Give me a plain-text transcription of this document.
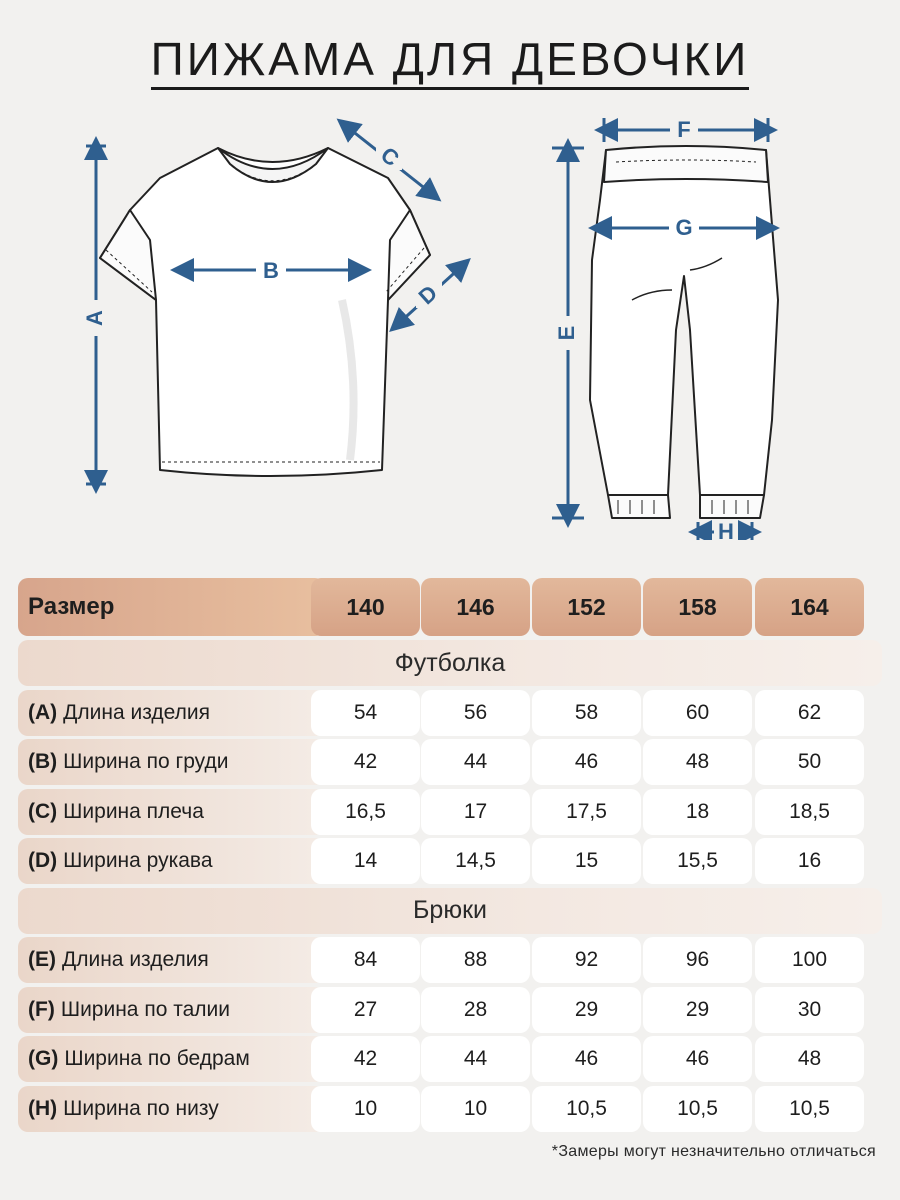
ПИЖАМА ДЛЯ ДЕВОЧКИ
A
B
C
D
F
G
E
H
Размер	140	146	152	158	164
Футболка
(A) Длина изделия	54	56	58	60	62
(B) Ширина по груди	42	44	46	48	50
(C) Ширина плеча	16,5	17	17,5	18	18,5
(D) Ширина рукава	14	14,5	15	15,5	16
Брюки
(E) Длина изделия	84	88	92	96	100
(F) Ширина по талии	27	28	29	29	30
(G) Ширина по бедрам	42	44	46	46	48
(H) Ширина по низу	10	10	10,5	10,5	10,5
*Замеры могут незначительно отличаться
